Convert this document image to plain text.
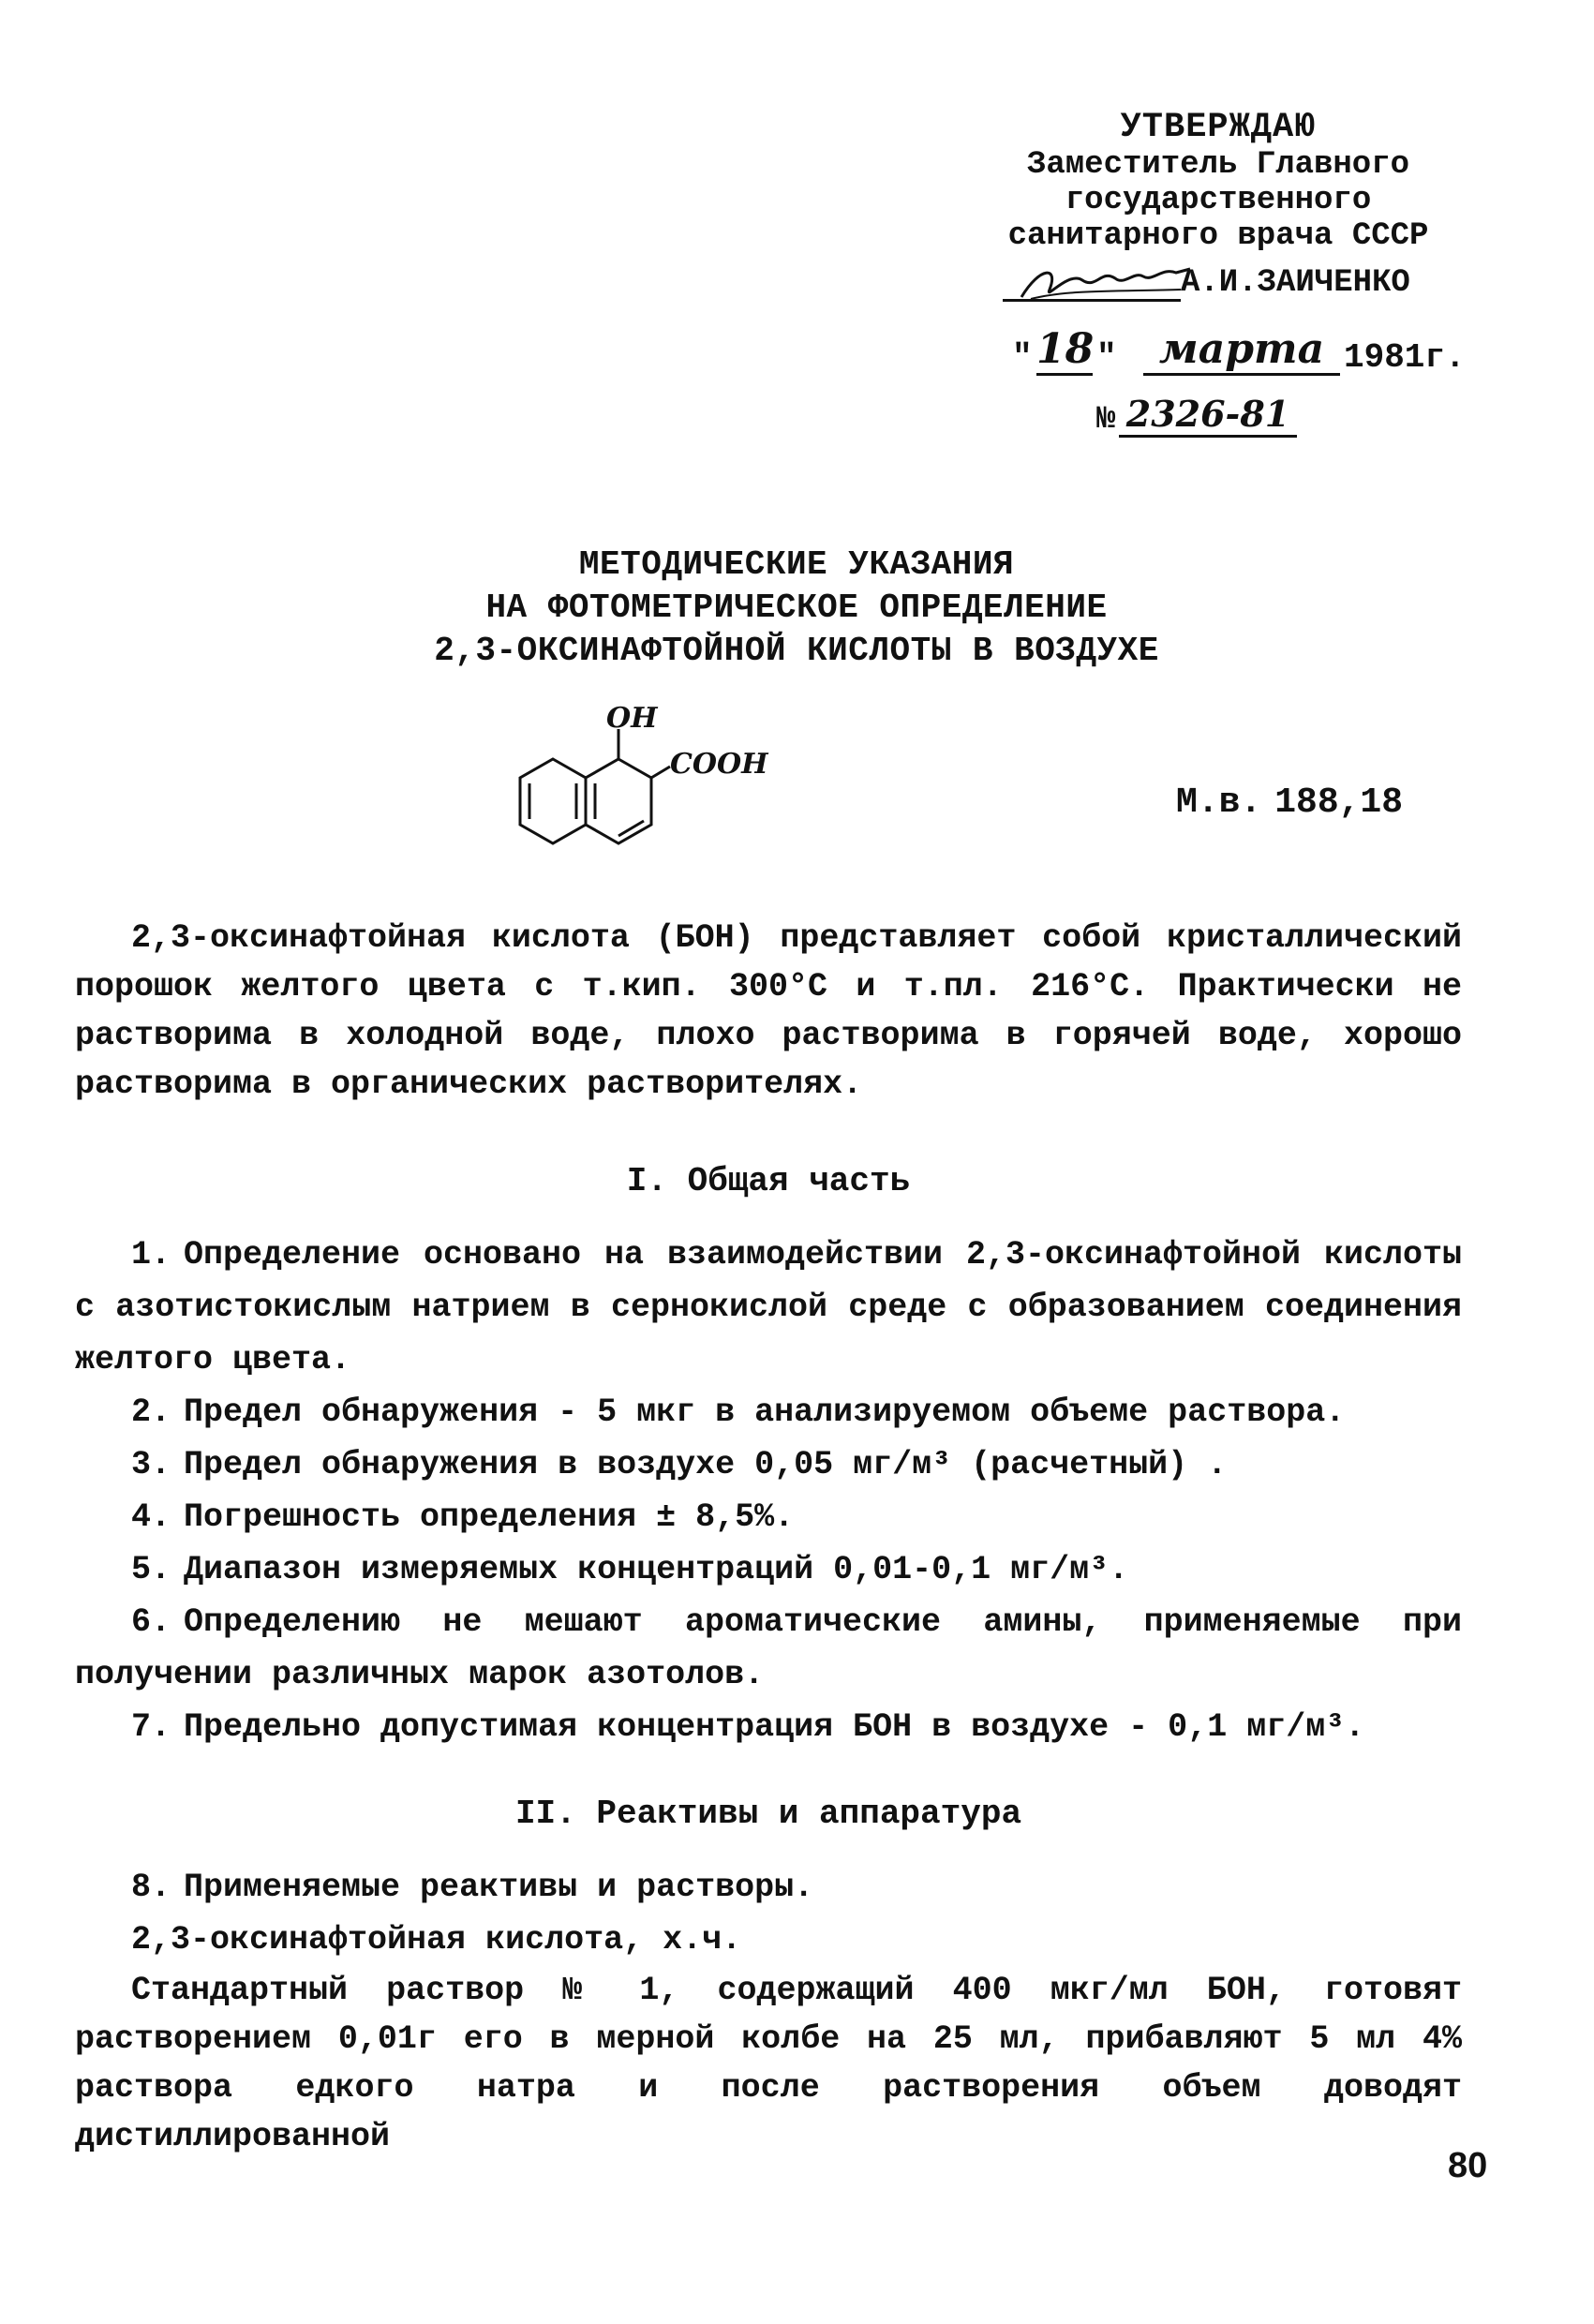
УТВЕРЖДАЮ
Заместитель Главного
государственного
санитарного врача СССР
А.И.ЗАИЧЕНКО
" 18 "	марта 1981г.
№ 2326-81
МЕТОДИЧЕСКИЕ УКАЗАНИЯ
НА ФОТОМЕТРИЧЕСКОЕ ОПРЕДЕЛЕНИЕ
2,3-ОКСИНАФТОЙНОЙ КИСЛОТЫ В ВОЗДУХЕ
OH
COOH
М.в. 188,18

2,3-оксинафтойная кислота (БОН) представляет собой кристаллический порошок желтого цвета с т.кип. 300°С и т.пл. 216°С. Практически не растворима в холодной воде, плохо растворима в горячей воде, хорошо растворима в органических растворителях.

I. Общая часть

1. Определение основано на взаимодействии 2,3-оксинафтойной кислоты с азотистокислым натрием в сернокислой среде с образованием соединения желтого цвета.

2. Предел обнаружения - 5 мкг в анализируемом объеме раствора.

3. Предел обнаружения в воздухе 0,05 мг/м³ (расчетный) .

4. Погрешность определения ± 8,5%.

5. Диапазон измеряемых концентраций 0,01-0,1 мг/м³.

6. Определению не мешают ароматические амины, применяемые при получении различных марок азотолов.

7. Предельно допустимая концентрация БОН в воздухе - 0,1 мг/м³.

II. Реактивы и аппаратура

8. Применяемые реактивы и растворы.

2,3-оксинафтойная кислота, х.ч.

Стандартный раствор № 1, содержащий 400 мкг/мл БОН, готовят растворением 0,01г его в мерной колбе на 25 мл, прибавляют 5 мл 4% раствора едкого натра и после растворения объем доводят дистиллированной

80
